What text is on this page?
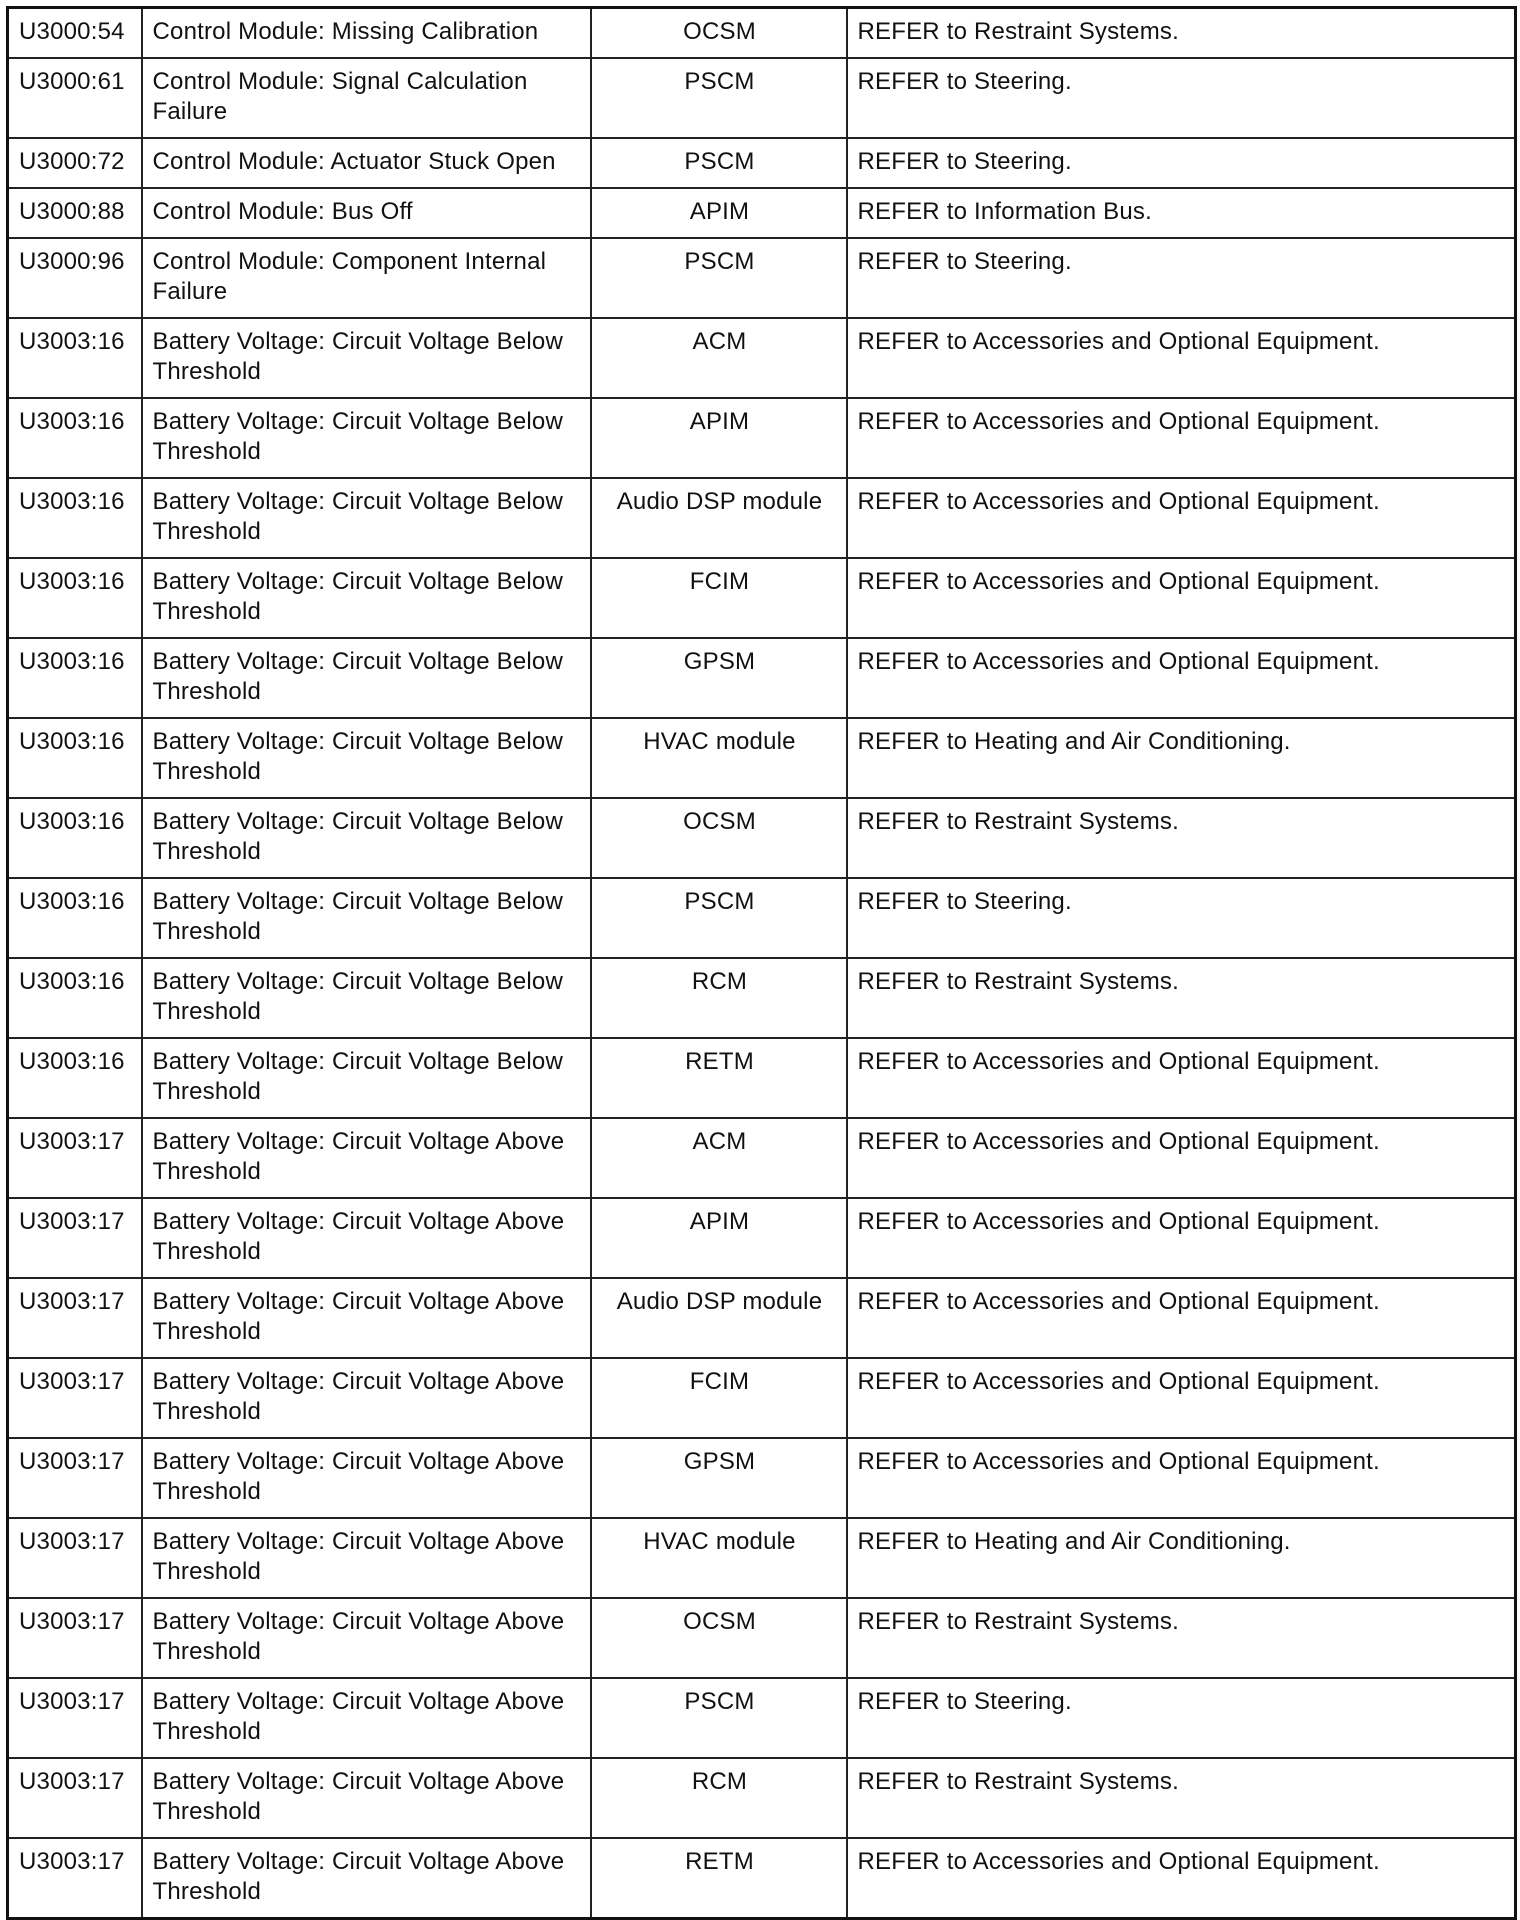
U3000:54	Control Module: Missing Calibration	OCSM	REFER to Restraint Systems.
U3000:61	Control Module: Signal Calculation Failure	PSCM	REFER to Steering.
U3000:72	Control Module: Actuator Stuck Open	PSCM	REFER to Steering.
U3000:88	Control Module: Bus Off	APIM	REFER to Information Bus.
U3000:96	Control Module: Component Internal Failure	PSCM	REFER to Steering.
U3003:16	Battery Voltage: Circuit Voltage Below Threshold	ACM	REFER to Accessories and Optional Equipment.
U3003:16	Battery Voltage: Circuit Voltage Below Threshold	APIM	REFER to Accessories and Optional Equipment.
U3003:16	Battery Voltage: Circuit Voltage Below Threshold	Audio DSP module	REFER to Accessories and Optional Equipment.
U3003:16	Battery Voltage: Circuit Voltage Below Threshold	FCIM	REFER to Accessories and Optional Equipment.
U3003:16	Battery Voltage: Circuit Voltage Below Threshold	GPSM	REFER to Accessories and Optional Equipment.
U3003:16	Battery Voltage: Circuit Voltage Below Threshold	HVAC module	REFER to Heating and Air Conditioning.
U3003:16	Battery Voltage: Circuit Voltage Below Threshold	OCSM	REFER to Restraint Systems.
U3003:16	Battery Voltage: Circuit Voltage Below Threshold	PSCM	REFER to Steering.
U3003:16	Battery Voltage: Circuit Voltage Below Threshold	RCM	REFER to Restraint Systems.
U3003:16	Battery Voltage: Circuit Voltage Below Threshold	RETM	REFER to Accessories and Optional Equipment.
U3003:17	Battery Voltage: Circuit Voltage Above Threshold	ACM	REFER to Accessories and Optional Equipment.
U3003:17	Battery Voltage: Circuit Voltage Above Threshold	APIM	REFER to Accessories and Optional Equipment.
U3003:17	Battery Voltage: Circuit Voltage Above Threshold	Audio DSP module	REFER to Accessories and Optional Equipment.
U3003:17	Battery Voltage: Circuit Voltage Above Threshold	FCIM	REFER to Accessories and Optional Equipment.
U3003:17	Battery Voltage: Circuit Voltage Above Threshold	GPSM	REFER to Accessories and Optional Equipment.
U3003:17	Battery Voltage: Circuit Voltage Above Threshold	HVAC module	REFER to Heating and Air Conditioning.
U3003:17	Battery Voltage: Circuit Voltage Above Threshold	OCSM	REFER to Restraint Systems.
U3003:17	Battery Voltage: Circuit Voltage Above Threshold	PSCM	REFER to Steering.
U3003:17	Battery Voltage: Circuit Voltage Above Threshold	RCM	REFER to Restraint Systems.
U3003:17	Battery Voltage: Circuit Voltage Above Threshold	RETM	REFER to Accessories and Optional Equipment.
